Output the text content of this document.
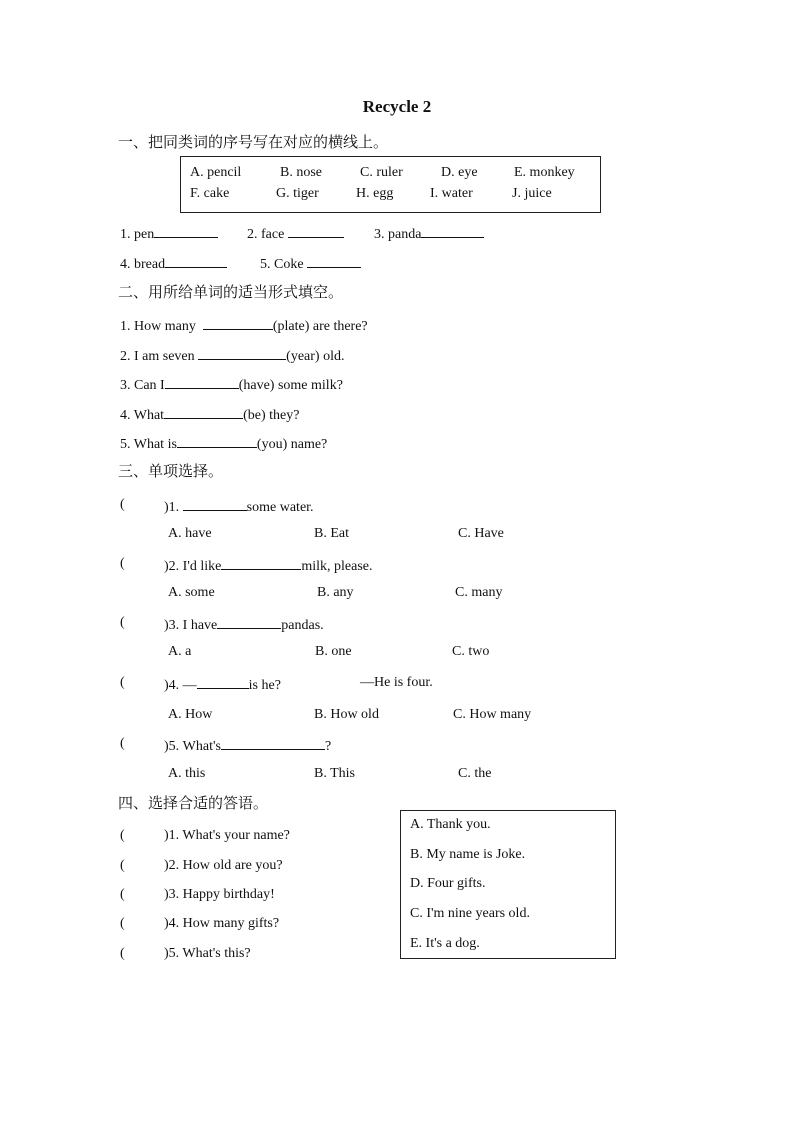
Recycle 2
一、把同类词的序号写在对应的横线上。
A. pencil	B. nose	C. ruler	D. eye	E. monkey
F. cake	G. tiger	H. egg	I. water	J. juice
1. pen	2. face	3. panda
4. bread	5. Coke
二、用所给单词的适当形式填空。
1. How many	(plate) are there?
2. I am seven	(year) old.
3. Can I	(have) some milk?
4. What	(be) they?
5. What is	(you) name?
三、单项选择。
(	)1.	some water.
A. have	B. Eat	C. Have
(	)2. I'd like	milk, please.
A. some	B. any	C. many
(	)3. I have	pandas.
A. a	B. one	C. two
(	)4. —	is he?	—He is four.
A. How	B. How old	C. How many
(	)5. What's	?
A. this	B. This	C. the
四、选择合适的答语。
(	)1. What's your name?
(	)2. How old are you?
(	)3. Happy birthday!
(	)4. How many gifts?
(	)5. What's this?
A. Thank you.
B. My name is Joke.
D. Four gifts.
C. I'm nine years old.
E. It's a dog.
